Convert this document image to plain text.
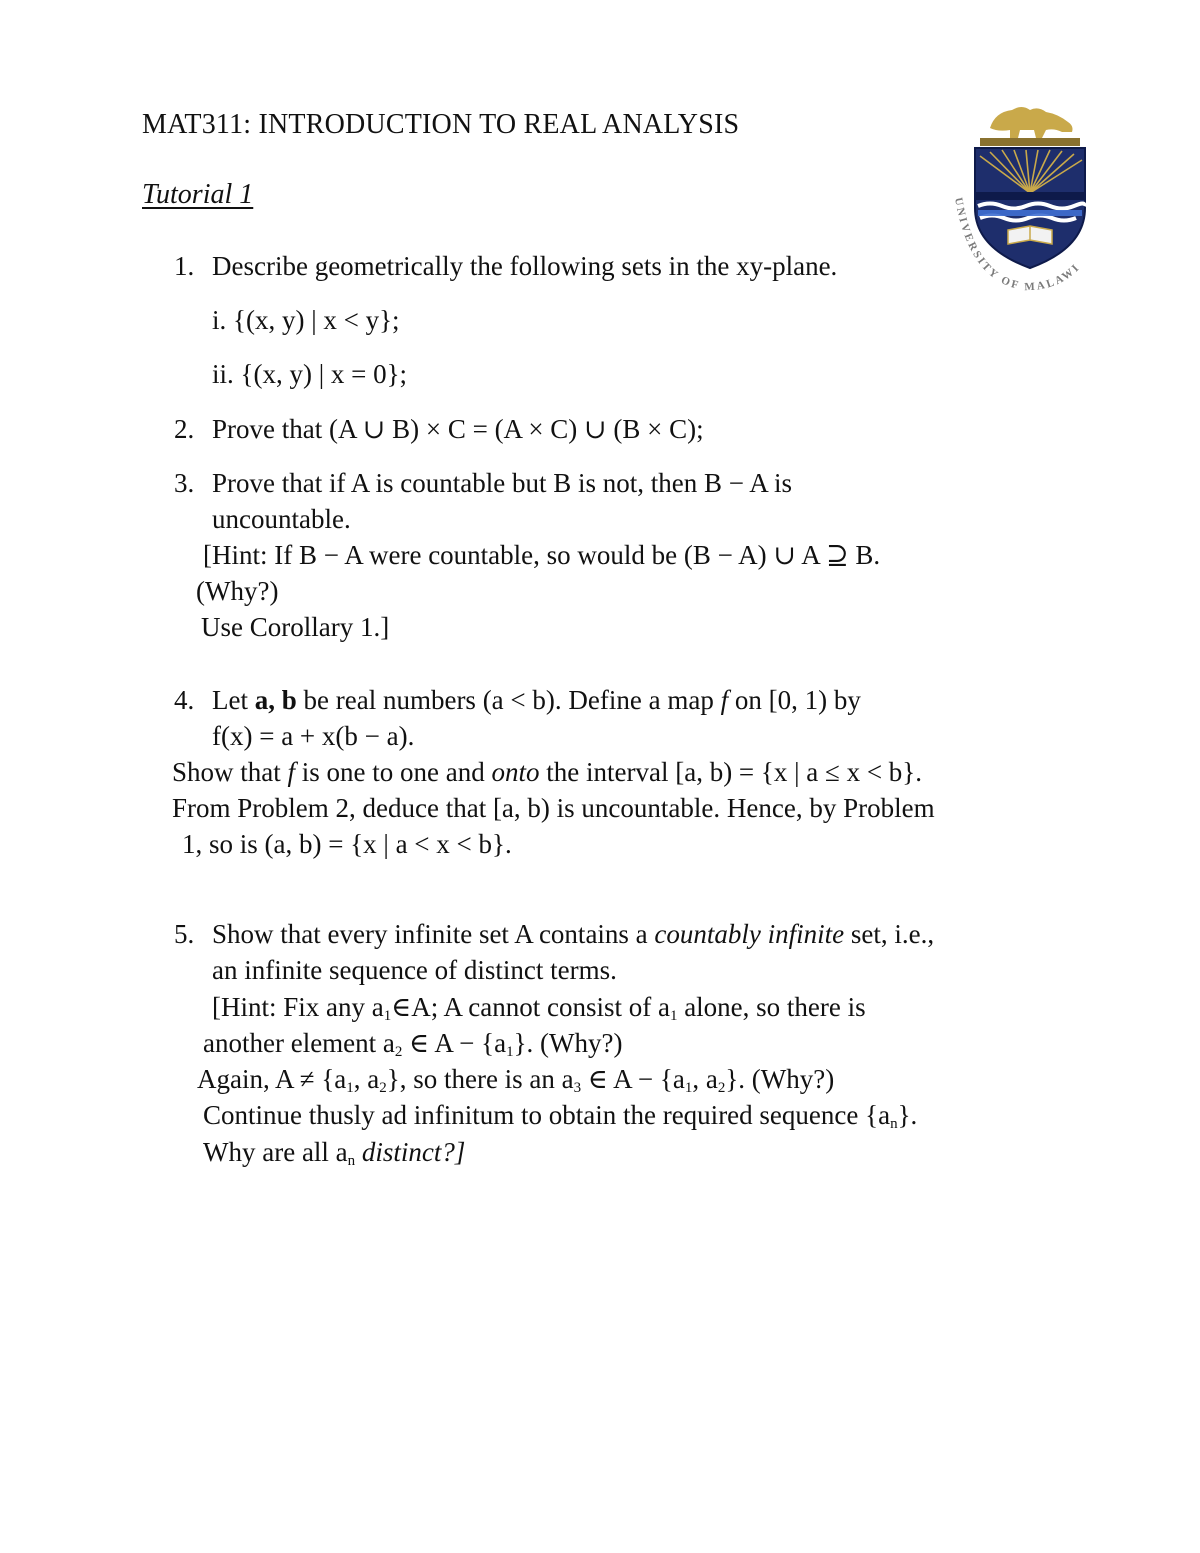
MAT311: INTRODUCTION TO REAL ANALYSIS
Tutorial 1	UNIVERSITY OF MALAWI
1. Describe geometrically the following sets in the xy-plane.
i. {(x, y) | x < y};
ii. {(x, y) | x = 0};
2. Prove that (A ∪ B) × C = (A × C) ∪ (B × C);
3. Prove that if A is countable but B is not, then B − A is
uncountable.
[Hint: If B − A were countable, so would be (B − A) ∪ A ⊇ B.
(Why?)
Use Corollary 1.]
4. Let a, b be real numbers (a < b). Define a map f on [0, 1) by
f(x) = a + x(b − a).
Show that f is one to one and onto the interval [a, b) = {x | a ≤ x < b}.
From Problem 2, deduce that [a, b) is uncountable. Hence, by Problem
1, so is (a, b) = {x | a < x < b}.
5. Show that every infinite set A contains a countably infinite set, i.e.,
an infinite sequence of distinct terms.
[Hint: Fix any $a_1\in A$; A cannot consist of $a_1$ alone, so there is
another element $a_2$ ∈ $A - \{a_1\}$. (Why?)
Again, $A \ne \{a_1$, $a_2$}, so there is an $a_3$ ∈ $A - \{a_1$, $a_2$}. (Why?)
Continue thusly ad infinitum to obtain the required sequence $\{a_n\}$.
Why are all $a_n$ distinct?]
